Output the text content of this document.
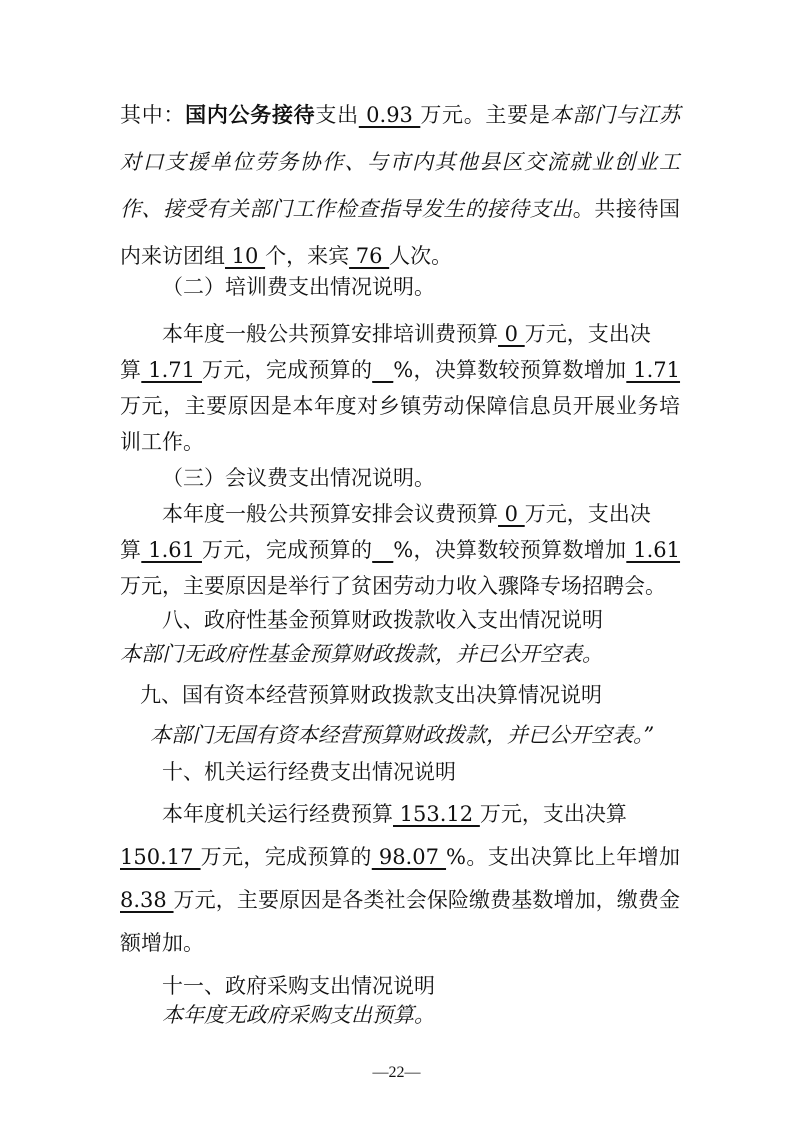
其中：国内公务接待支出 0.93 万元。主要是本部门与江苏
对口支援单位劳务协作、与市内其他县区交流就业创业工
作、接受有关部门工作检查指导发生的接待支出。共接待国
内来访团组 10 个，来宾 76 人次。
（二）培训费支出情况说明。
本年度一般公共预算安排培训费预算 0 万元，支出决
算 1.71 万元，完成预算的__%，决算数较预算数增加 1.71
万元，主要原因是本年度对乡镇劳动保障信息员开展业务培
训工作。
（三）会议费支出情况说明。
本年度一般公共预算安排会议费预算 0 万元，支出决
算 1.61 万元，完成预算的__%，决算数较预算数增加 1.61
万元，主要原因是举行了贫困劳动力收入骤降专场招聘会。
八、政府性基金预算财政拨款收入支出情况说明
本部门无政府性基金预算财政拨款，并已公开空表。
九、国有资本经营预算财政拨款支出决算情况说明
本部门无国有资本经营预算财政拨款，并已公开空表。”
十、机关运行经费支出情况说明
本年度机关运行经费预算 153.12 万元，支出决算
150.17 万元，完成预算的 98.07 %。支出决算比上年增加
—22—
8.38 万元，主要原因是各类社会保险缴费基数增加，缴费金
额增加。
十一、政府采购支出情况说明
本年度无政府采购支出预算。
